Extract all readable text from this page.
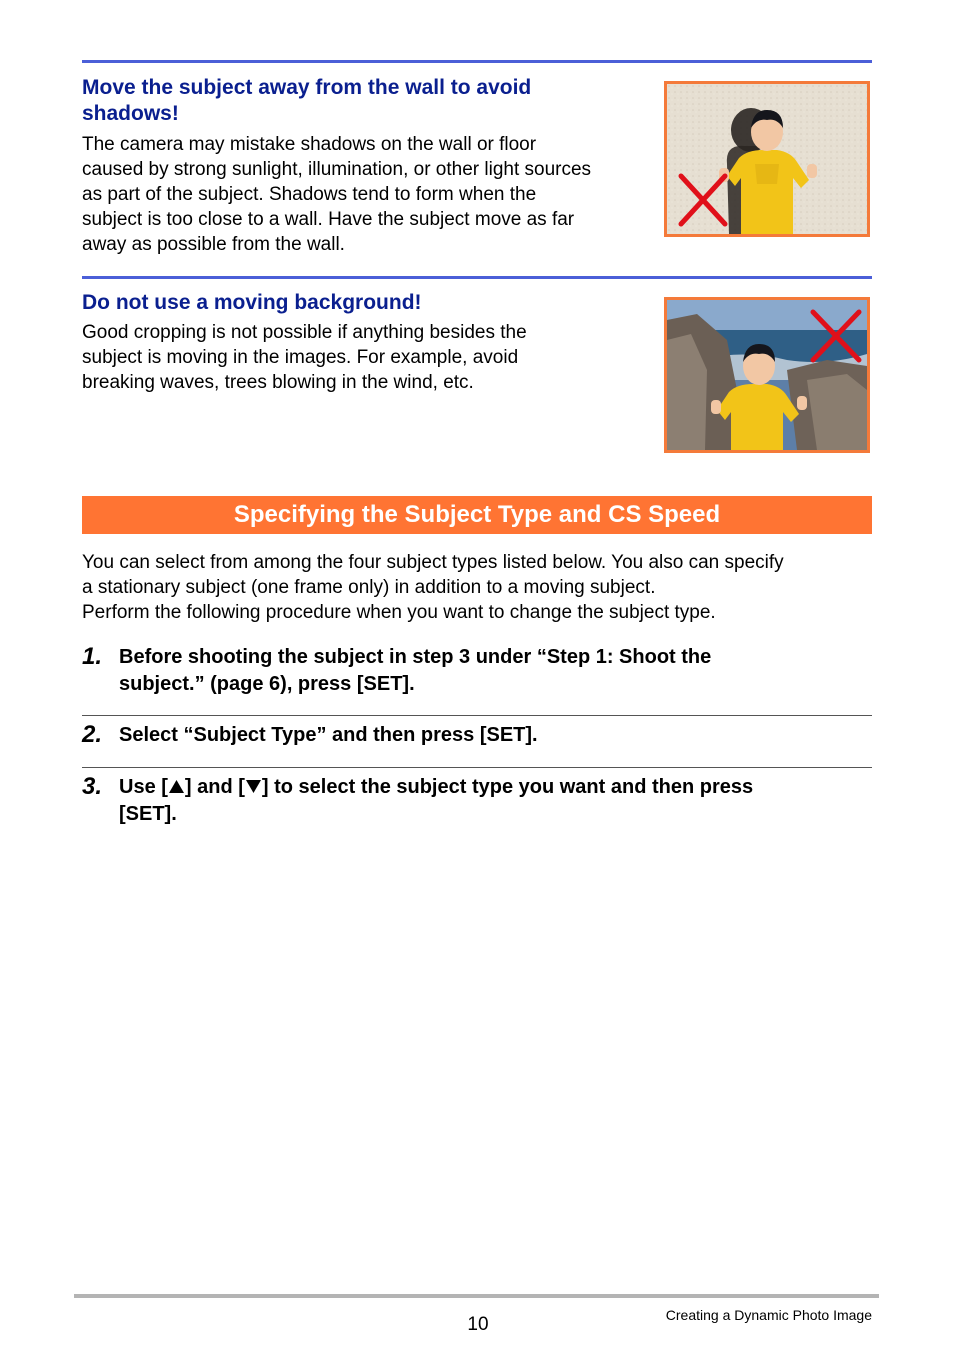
Move the subject away from the wall to avoid
shadows!
The camera may mistake shadows on the wall or floor
caused by strong sunlight, illumination, or other light sources
as part of the subject. Shadows tend to form when the
subject is too close to a wall. Have the subject move as far
away as possible from the wall.
Do not use a moving background!
Good cropping is not possible if anything besides the
subject is moving in the images. For example, avoid
breaking waves, trees blowing in the wind, etc.
Specifying the Subject Type and CS Speed
You can select from among the four subject types listed below. You also can specify
a stationary subject (one frame only) in addition to a moving subject.
Perform the following procedure when you want to change the subject type.
1. Before shooting the subject in step 3 under “Step 1: Shoot the
subject.” (page 6), press [SET].
2. Select “Subject Type” and then press [SET].
3. Use [ ] and [ ] to select the subject type you want and then press
[SET].
10	Creating a Dynamic Photo Image
